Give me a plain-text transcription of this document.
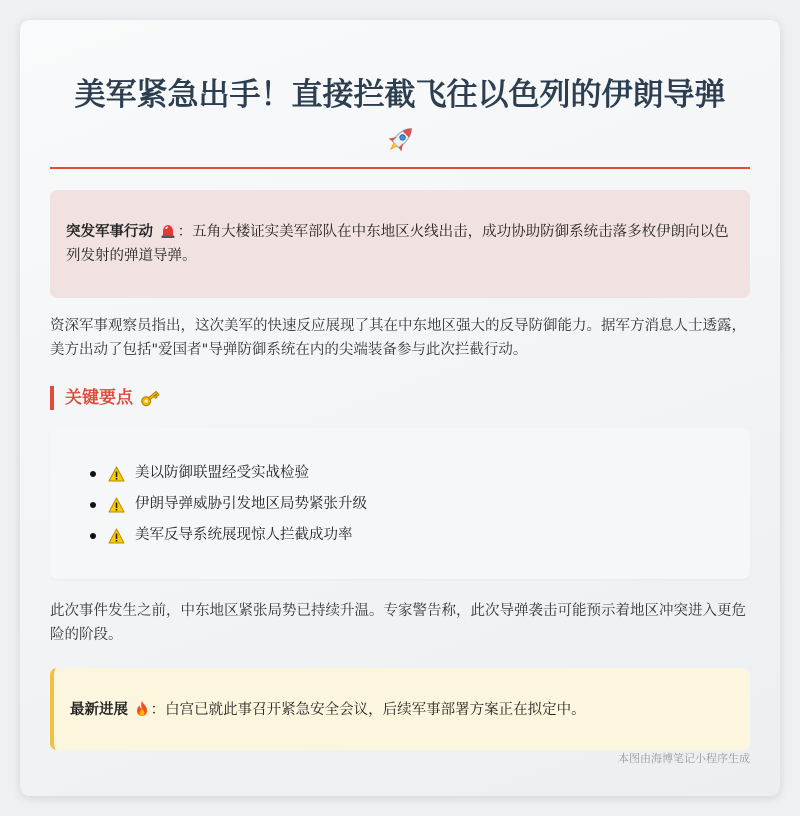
美军紧急出手！直接拦截飞往以色列的伊朗导弹
突发军事行动 ：五角大楼证实美军部队在中东地区火线出击，成功协助防御系统击落多枚伊朗向以色列发射的弹道导弹。
资深军事观察员指出，这次美军的快速反应展现了其在中东地区强大的反导防御能力。据军方消息人士透露，美方出动了包括"爱国者"导弹防御系统在内的尖端装备参与此次拦截行动。
关键要点
美以防御联盟经受实战检验
伊朗导弹威胁引发地区局势紧张升级
美军反导系统展现惊人拦截成功率
此次事件发生之前，中东地区紧张局势已持续升温。专家警告称，此次导弹袭击可能预示着地区冲突进入更危险的阶段。
最新进展 ：白宫已就此事召开紧急安全会议，后续军事部署方案正在拟定中。
本图由海博笔记小程序生成
